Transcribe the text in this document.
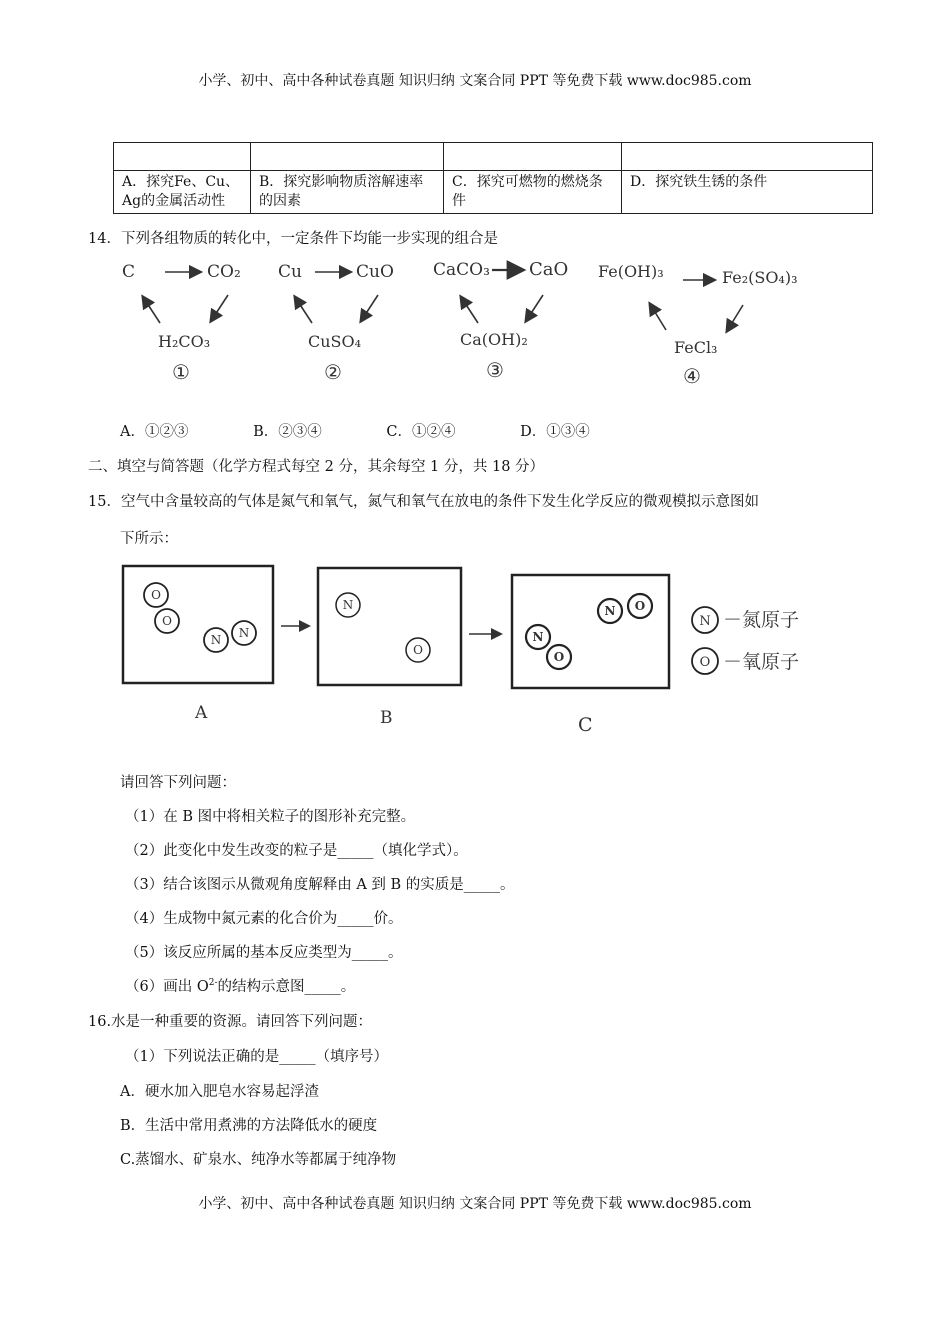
小学、初中、高中各种试卷真题 知识归纳 文案合同 PPT 等免费下载 www.doc985.com

A．探究Fe、Cu、Ag的金属活动性	B．探究影响物质溶解速率的因素	C．探究可燃物的燃烧条件	D．探究铁生锈的条件
14．下列各组物质的转化中，一定条件下均能一步实现的组合是
C	CO₂
H₂CO₃
①
Cu	CuO
CuSO₄
②
CaCO₃ CaO
Ca(OH)₂
③
Fe(OH)₃	Fe₂(SO₄)₃
FeCl₃
④
A．①②③	B．②③④	C．①②④	D．①③④
二、填空与简答题（化学方程式每空 2 分，其余每空 1 分，共 18 分）
15．空气中含量较高的气体是氮气和氧气，氮气和氧气在放电的条件下发生化学反应的微观模拟示意图如
下所示：
O
O
N N
N
O
N
O
N O
N
O
－氮原子
－氧原子
A	B	C
请回答下列问题：
（1）在 B 图中将相关粒子的图形补充完整。
（2）此变化中发生改变的粒子是_____（填化学式）。
（3）结合该图示从微观角度解释由 A 到 B 的实质是_____。
（4）生成物中氮元素的化合价为_____价。
（5）该反应所属的基本反应类型为_____。
（6）画出 $O^{2-}$的结构示意图_____。
16.水是一种重要的资源。请回答下列问题：
（1）下列说法正确的是_____（填序号）
A．硬水加入肥皂水容易起浮渣
B．生活中常用煮沸的方法降低水的硬度
C.蒸馏水、矿泉水、纯净水等都属于纯净物
小学、初中、高中各种试卷真题 知识归纳 文案合同 PPT 等免费下载 www.doc985.com
